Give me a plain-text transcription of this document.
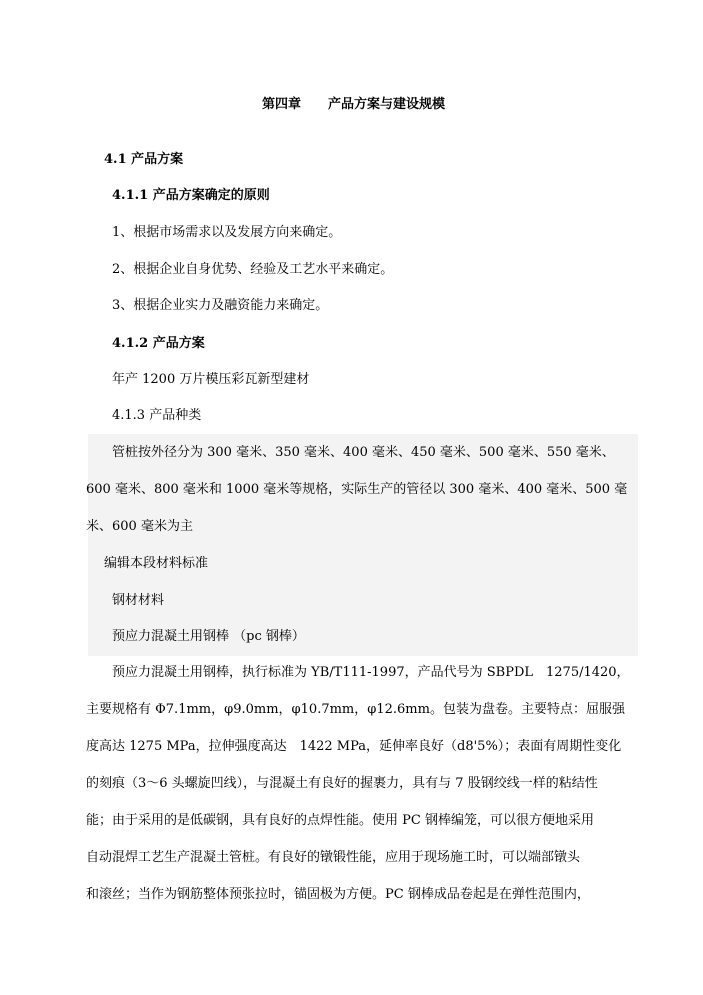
第四章 产品方案与建设规模
4.1 产品方案
4.1.1 产品方案确定的原则
1、根据市场需求以及发展方向来确定。
2、根据企业自身优势、经验及工艺水平来确定。
3、根据企业实力及融资能力来确定。
4.1.2 产品方案
年产 1200 万片模压彩瓦新型建材
4.1.3 产品种类
管桩按外径分为 300 毫米、350 毫米、400 毫米、450 毫米、500 毫米、550 毫米、
600 毫米、800 毫米和 1000 毫米等规格，实际生产的管径以 300 毫米、400 毫米、500 毫
米、600 毫米为主
编辑本段材料标准
钢材材料
预应力混凝土用钢棒 （pc 钢棒）
预应力混凝土用钢棒，执行标准为 YB/T111-1997，产品代号为 SBPDL　1275/1420，
主要规格有 Φ7.1mm，φ9.0mm，φ10.7mm，φ12.6mm。包装为盘卷。主要特点：屈服强
度高达 1275 MPa，拉伸强度高达　1422 MPa，延伸率良好（d8'5%）；表面有周期性变化
的刻痕（3～6 头螺旋凹线），与混凝土有良好的握裹力，具有与 7 股钢绞线一样的粘结性
能；由于采用的是低碳钢，具有良好的点焊性能。使用 PC 钢棒编笼，可以很方便地采用
自动混焊工艺生产混凝土管桩。有良好的镦锻性能，应用于现场施工时，可以端部镦头
和滚丝；当作为钢筋整体预张拉时，锚固极为方便。PC 钢棒成品卷起是在弹性范围内，
